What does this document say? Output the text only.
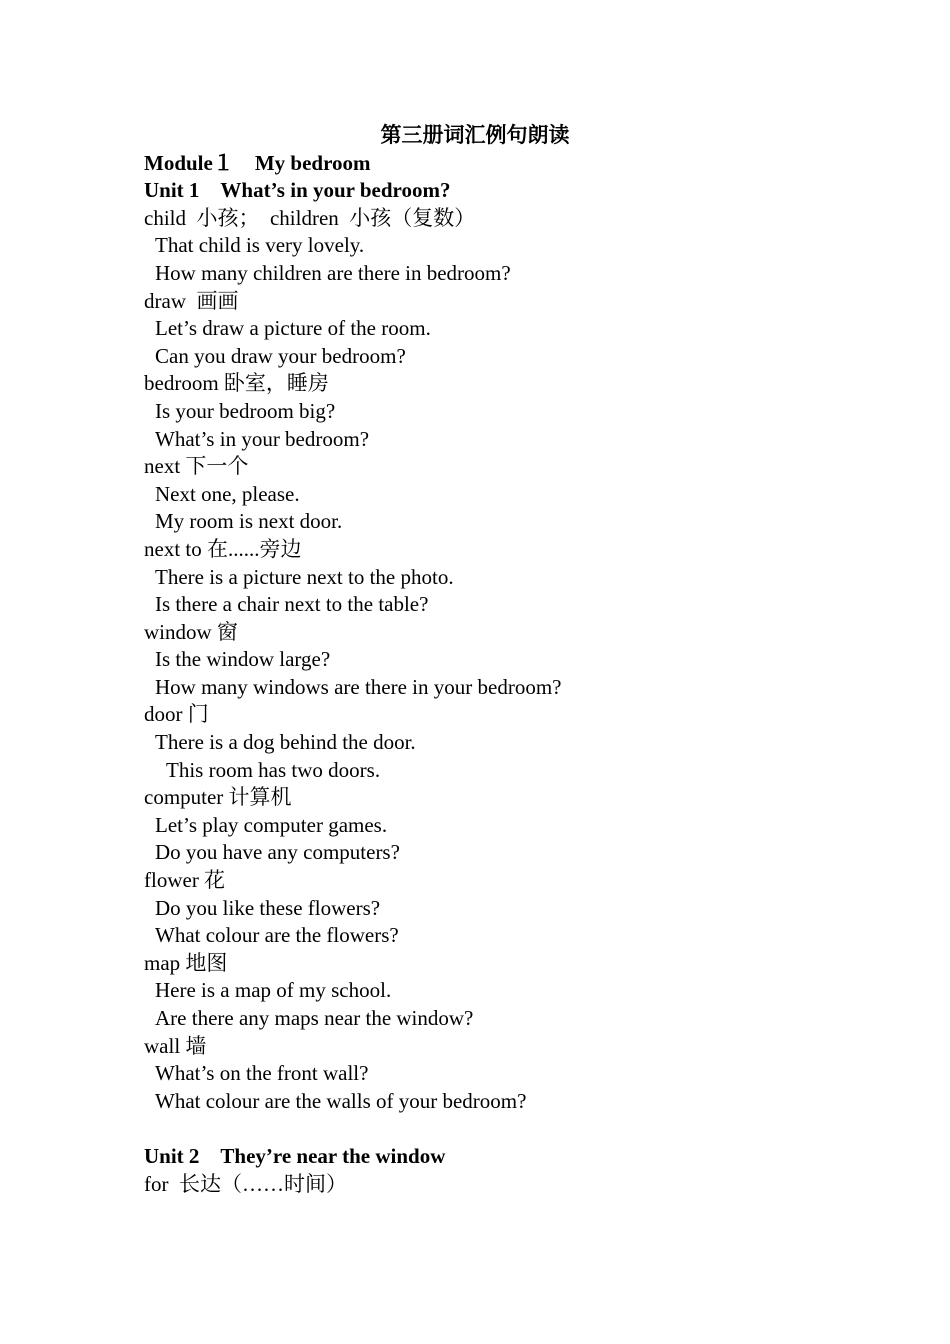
第三册词汇例句朗读
Module１　My bedroom
Unit 1　What’s in your bedroom?
child  小孩；  children  小孩（复数）
That child is very lovely.
How many children are there in bedroom?
draw  画画
Let’s draw a picture of the room.
Can you draw your bedroom?
bedroom 卧室，睡房
Is your bedroom big?
What’s in your bedroom?
next 下一个
Next one, please.
My room is next door.
next to 在......旁边
There is a picture next to the photo.
Is there a chair next to the table?
window 窗
Is the window large?
How many windows are there in your bedroom?
door 门
There is a dog behind the door.
This room has two doors.
computer 计算机
Let’s play computer games.
Do you have any computers?
flower 花
Do you like these flowers?
What colour are the flowers?
map 地图
Here is a map of my school.
Are there any maps near the window?
wall 墙
What’s on the front wall?
What colour are the walls of your bedroom?
Unit 2　They’re near the window
for  长达（……时间）
